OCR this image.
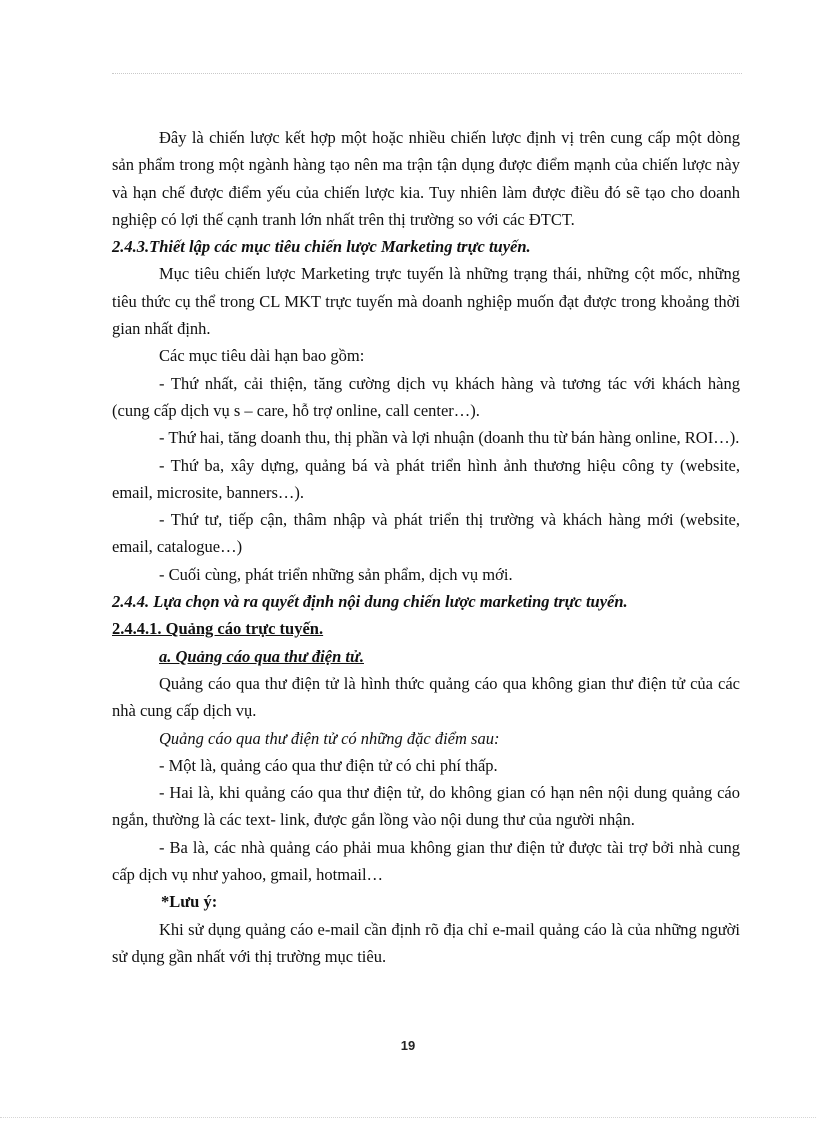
Đây là chiến lược kết hợp một hoặc nhiều chiến lược định vị trên cung cấp một dòng sản phẩm trong một ngành hàng tạo nên ma trận tận dụng được điểm mạnh của chiến lược này và hạn chế được điểm yếu của chiến lược kia. Tuy nhiên làm được điều đó sẽ tạo cho doanh nghiệp có lợi thế cạnh tranh lớn nhất trên thị trường so với các ĐTCT.

2.4.3.Thiết lập các mục tiêu chiến lược Marketing trực tuyến.

Mục tiêu chiến lược Marketing trực tuyến là những trạng thái, những cột mốc, những tiêu thức cụ thể trong CL MKT trực tuyến mà doanh nghiệp muốn đạt được trong khoảng thời gian nhất định.

Các mục tiêu dài hạn bao gồm:

- Thứ nhất, cải thiện, tăng cường dịch vụ khách hàng và tương tác với khách hàng (cung cấp dịch vụ s – care, hỗ trợ online, call center…).

- Thứ hai, tăng doanh thu, thị phần và lợi nhuận (doanh thu từ bán hàng online, ROI…).

- Thứ ba, xây dựng, quảng bá và phát triển hình ảnh thương hiệu công ty (website, email, microsite, banners…).

- Thứ tư, tiếp cận, thâm nhập và phát triển thị trường và khách hàng mới (website, email, catalogue…)

- Cuối cùng, phát triển những sản phẩm, dịch vụ mới.

2.4.4. Lựa chọn và ra quyết định nội dung chiến lược marketing trực tuyến.

2.4.4.1. Quảng cáo trực tuyến.

a. Quảng cáo qua thư điện tử.

Quảng cáo qua thư điện tử là hình thức quảng cáo qua không gian thư điện tử của các nhà cung cấp dịch vụ.

Quảng cáo qua thư điện tử có những đặc điểm sau:

- Một là, quảng cáo qua thư điện tử có chi phí thấp.

- Hai là, khi quảng cáo qua thư điện tử, do không gian có hạn nên nội dung quảng cáo ngắn, thường là các text- link, được gắn lồng vào nội dung thư của người nhận.

- Ba là, các nhà quảng cáo phải mua không gian thư điện tử được tài trợ bởi nhà cung cấp dịch vụ như yahoo, gmail, hotmail…

*Lưu ý:

Khi sử dụng quảng cáo e-mail cần định rõ địa chỉ e-mail quảng cáo là của những người sử dụng gần nhất với thị trường mục tiêu.

19
